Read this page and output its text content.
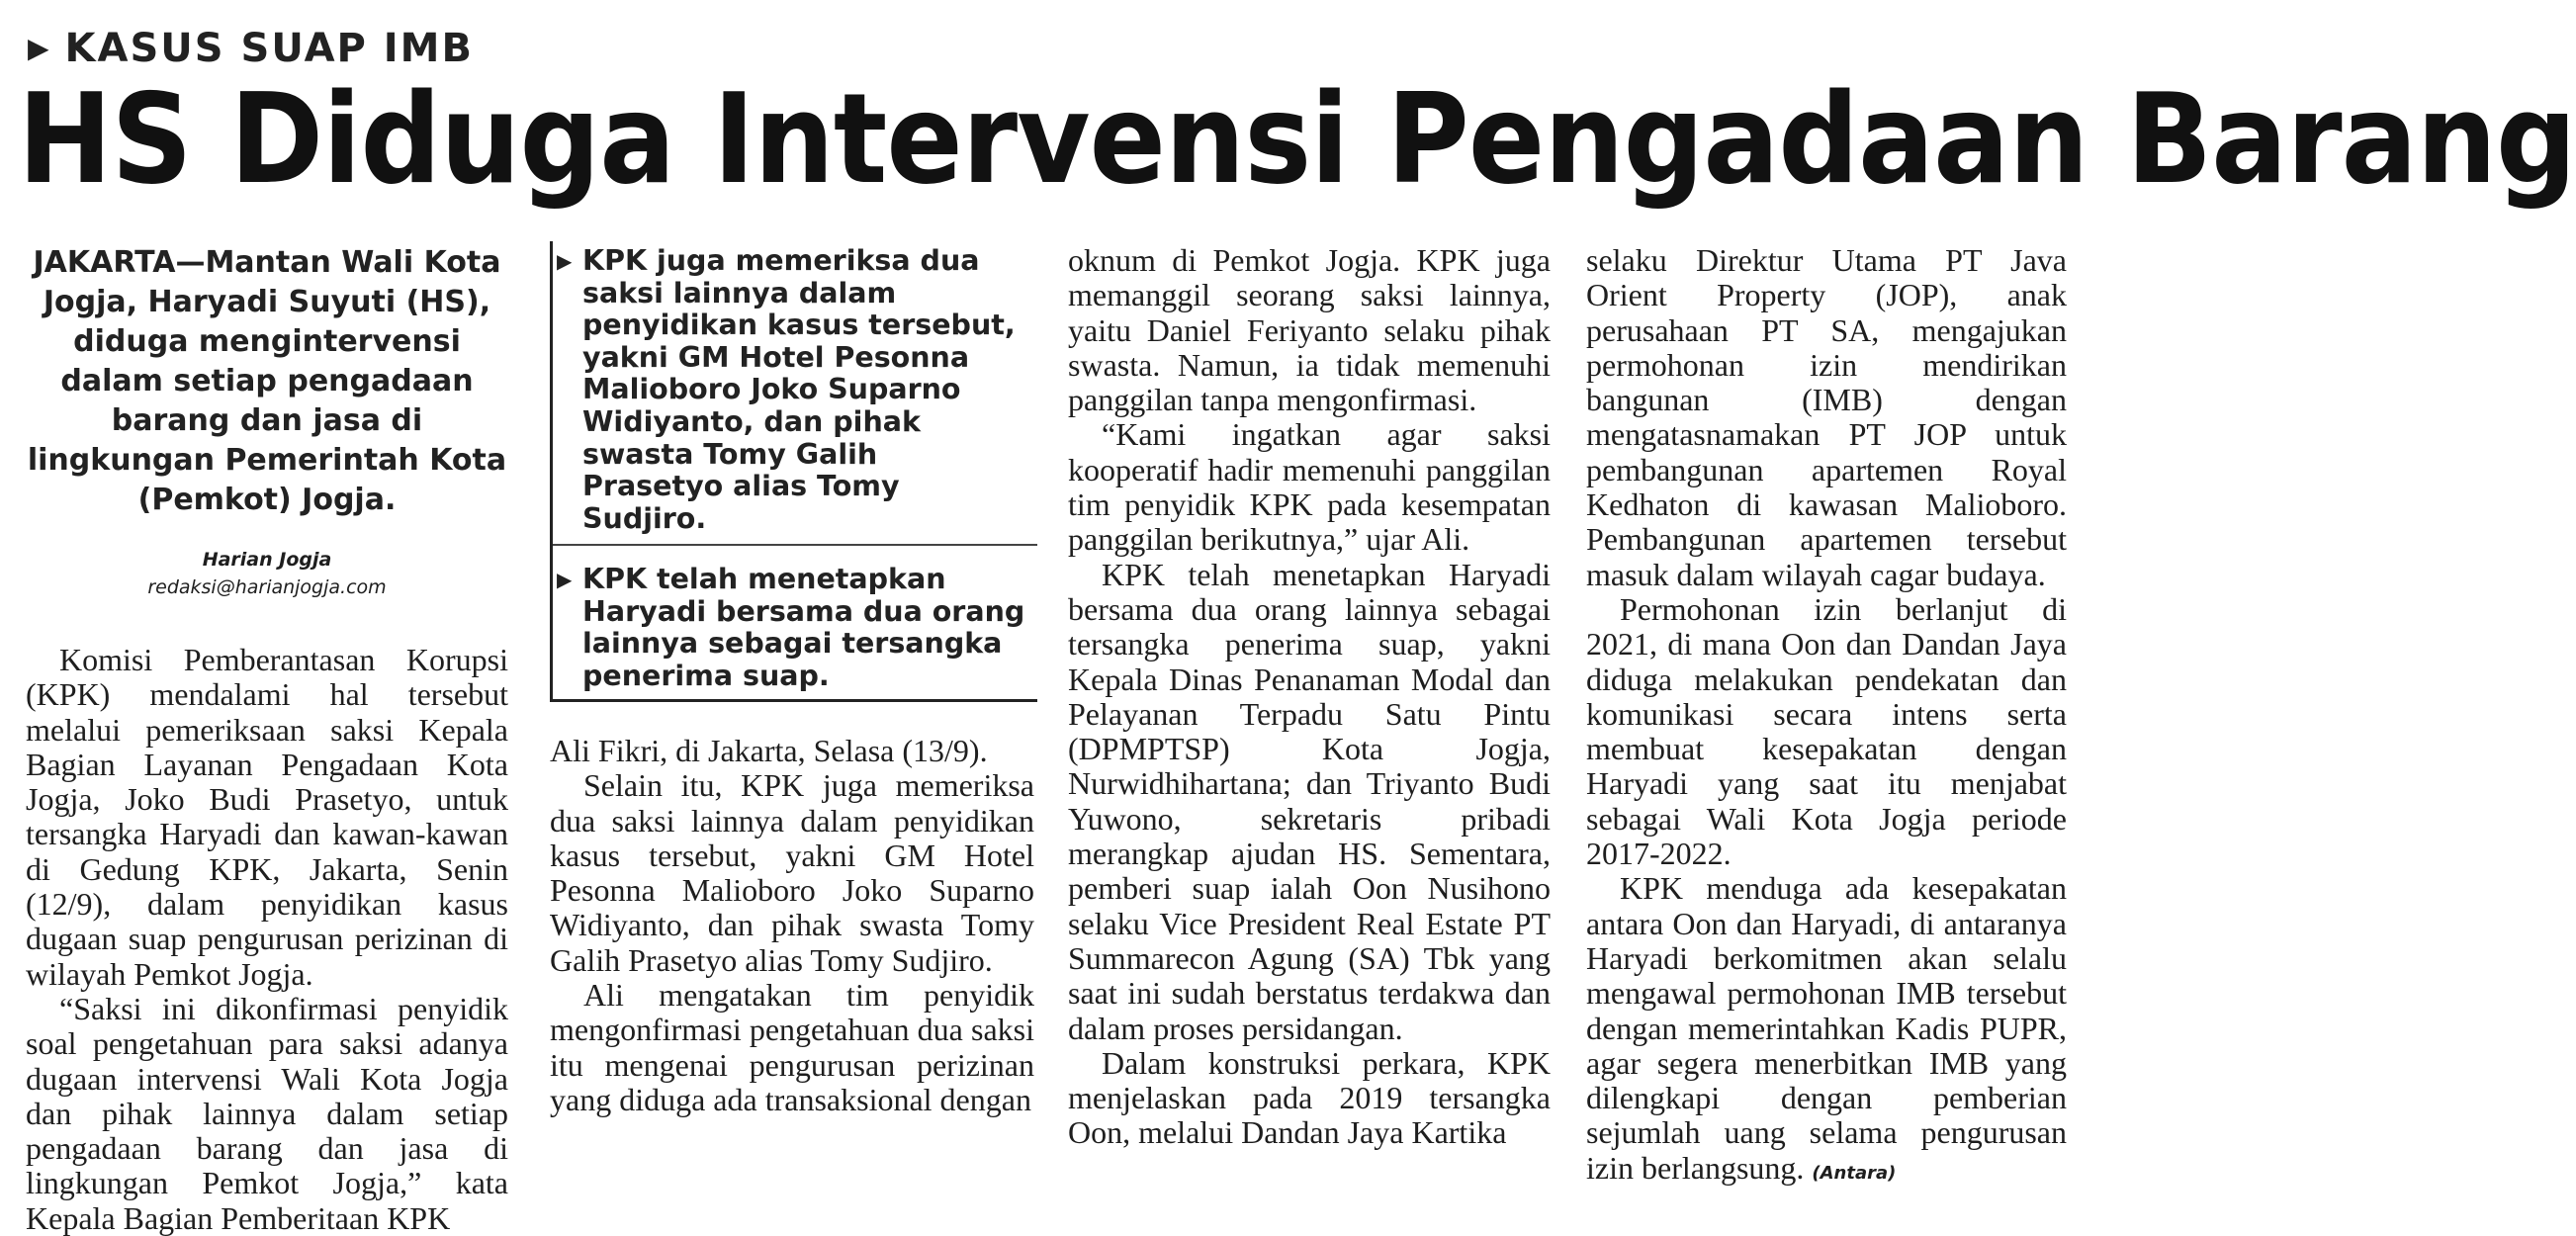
▶ KASUS SUAP IMB
HS Diduga Intervensi Pengadaan Barang
JAKARTA—Mantan Wali Kota Jogja, Haryadi Suyuti (HS), diduga mengintervensi dalam setiap pengadaan barang dan jasa di lingkungan Pemerintah Kota (Pemkot) Jogja.
Harian Jogja
redaksi@harianjogja.com

Komisi Pemberantasan Korupsi (KPK) mendalami hal tersebut melalui pemeriksaan saksi Kepala Bagian Layanan Pengadaan Kota Jogja, Joko Budi Prasetyo, untuk tersangka Haryadi dan kawan-kawan di Gedung KPK, Jakarta, Senin (12/9), dalam penyidikan kasus dugaan suap pengurusan perizinan di wilayah Pemkot Jogja.

“Saksi ini dikonfirmasi penyidik soal pengetahuan para saksi adanya dugaan intervensi Wali Kota Jogja dan pihak lainnya dalam setiap pengadaan barang dan jasa di lingkungan Pemkot Jogja,” kata Kepala Bagian Pemberitaan KPK

▶ KPK juga memeriksa dua saksi lainnya dalam penyidikan kasus tersebut, yakni GM Hotel Pesonna Malioboro Joko Suparno Widiyanto, dan pihak swasta Tomy Galih Prasetyo alias Tomy Sudjiro.
▶ KPK telah menetapkan Haryadi bersama dua orang lainnya sebagai tersangka penerima suap.

Ali Fikri, di Jakarta, Selasa (13/9).

Selain itu, KPK juga memeriksa dua saksi lainnya dalam penyidikan kasus tersebut, yakni GM Hotel Pesonna Malioboro Joko Suparno Widiyanto, dan pihak swasta Tomy Galih Prasetyo alias Tomy Sudjiro.

Ali mengatakan tim penyidik mengonfirmasi pengetahuan dua saksi itu mengenai pengurusan perizinan yang diduga ada transaksional dengan

oknum di Pemkot Jogja. KPK juga memanggil seorang saksi lainnya, yaitu Daniel Feriyanto selaku pihak swasta. Namun, ia tidak memenuhi panggilan tanpa mengonfirmasi.

“Kami ingatkan agar saksi kooperatif hadir memenuhi panggilan tim penyidik KPK pada kesempatan panggilan berikutnya,” ujar Ali.

KPK telah menetapkan Haryadi bersama dua orang lainnya sebagai tersangka penerima suap, yakni Kepala Dinas Penanaman Modal dan Pelayanan Terpadu Satu Pintu (DPMPTSP) Kota Jogja, Nurwidhihartana; dan Triyanto Budi Yuwono, sekretaris pribadi merangkap ajudan HS. Sementara, pemberi suap ialah Oon Nusihono selaku Vice President Real Estate PT Summarecon Agung (SA) Tbk yang saat ini sudah berstatus terdakwa dan dalam proses persidangan.

Dalam konstruksi perkara, KPK menjelaskan pada 2019 tersangka Oon, melalui Dandan Jaya Kartika

selaku Direktur Utama PT Java Orient Property (JOP), anak perusahaan PT SA, mengajukan permohonan izin mendirikan bangunan (IMB) dengan mengatasnamakan PT JOP untuk pembangunan apartemen Royal Kedhaton di kawasan Malioboro. Pembangunan apartemen tersebut masuk dalam wilayah cagar budaya.

Permohonan izin berlanjut di 2021, di mana Oon dan Dandan Jaya diduga melakukan pendekatan dan komunikasi secara intens serta membuat kesepakatan dengan Haryadi yang saat itu menjabat sebagai Wali Kota Jogja periode 2017-2022.

KPK menduga ada kesepakatan antara Oon dan Haryadi, di antaranya Haryadi berkomitmen akan selalu mengawal permohonan IMB tersebut dengan memerintahkan Kadis PUPR, agar segera menerbitkan IMB yang dilengkapi dengan pemberian sejumlah uang selama pengurusan izin berlangsung. (Antara)
